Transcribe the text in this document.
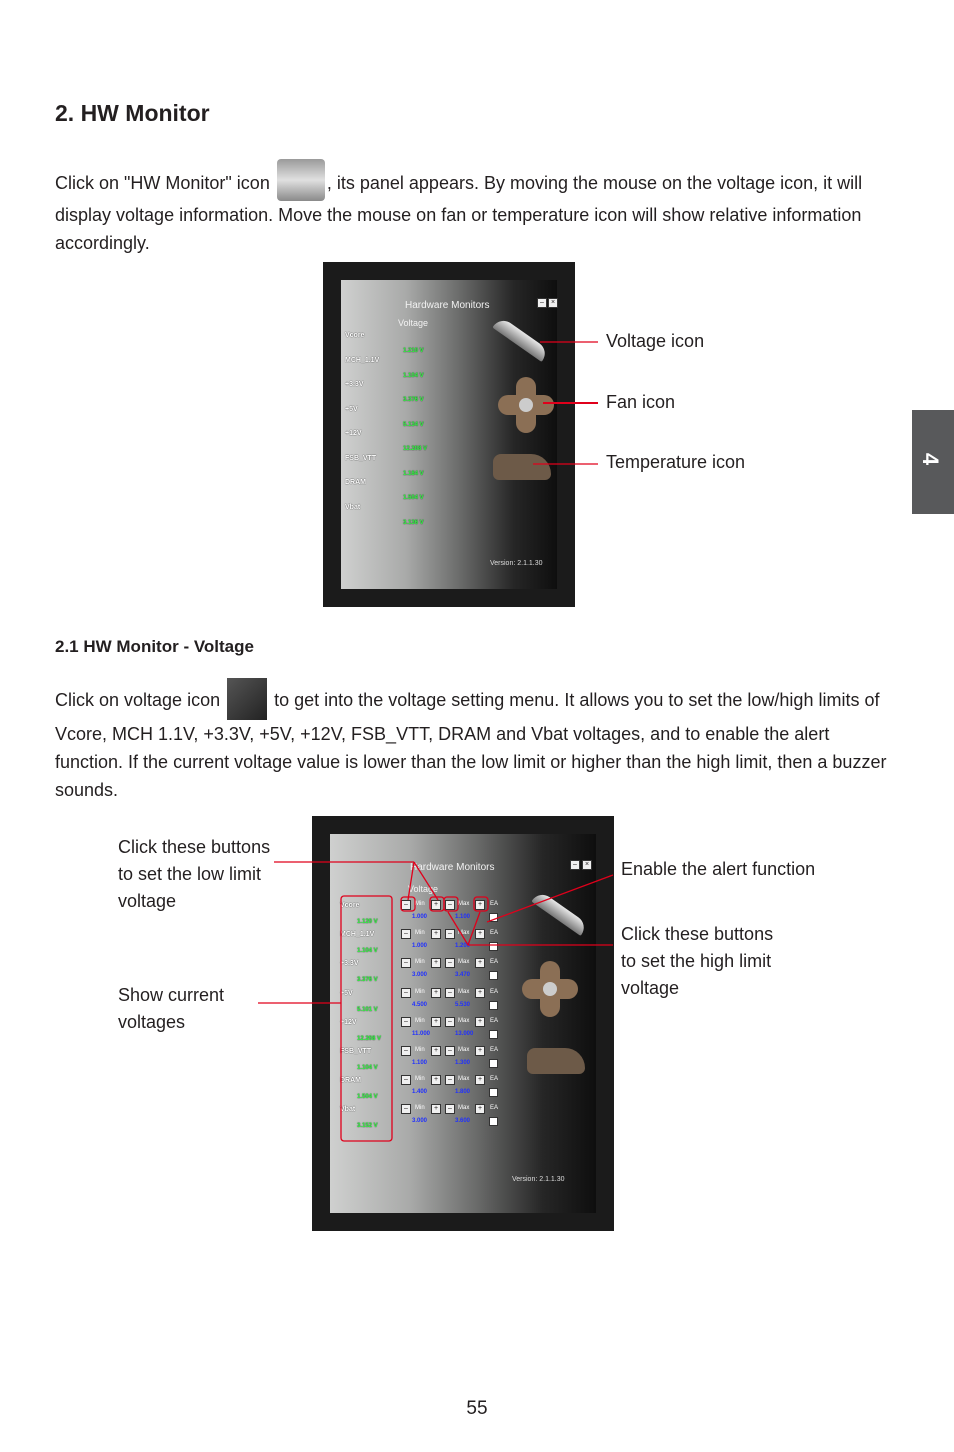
2. HW Monitor
Click on "HW Monitor" icon	, its panel appears. By moving the mouse on the voltage icon, it will display voltage information. Move the mouse on fan or temperature icon will show relative information accordingly.
4
Hardware Monitors	–	×
Voltage
Vcore
1.210 V
MCH_1.1V
1.104 V
+3.3V
3.376 V
+5V
5.134 V
+12V
12.208 V
FSB_VTT
1.184 V
DRAM
1.504 V
Vbat
3.136 V
Version: 2.1.1.30
Voltage icon
Fan icon
Temperature icon
2.1 HW Monitor - Voltage
Click on voltage icon	to get into the voltage setting menu. It allows you to set the low/high limits of Vcore, MCH 1.1V, +3.3V, +5V, +12V, FSB_VTT, DRAM and Vbat voltages, and to enable the alert function. If the current voltage value is lower than the low limit or higher than the high limit, then a buzzer sounds.
Hardware Monitors	–	×
Voltage
Vcore
1.120 V
–	Min	+	–	Max	+	EA
1.000	1.100
MCH_1.1V
1.104 V
–	Min	+	–	Max	+	EA
1.000	1.200
+3.3V
3.376 V
–	Min	+	–	Max	+	EA
3.000	3.470
+5V
5.101 V
–	Min	+	–	Max	+	EA
4.500	5.530
+12V
12.208 V
–	Min	+	–	Max	+	EA
11.000	13.000
FSB_VTT
1.104 V
–	Min	+	–	Max	+	EA
1.100	1.300
DRAM
1.504 V
–	Min	+	–	Max	+	EA
1.400	1.800
Vbat
3.152 V
–	Min	+	–	Max	+	EA
3.000	3.600
Version: 2.1.1.30
Click these buttons to set the low limit voltage
Show current voltages
Enable the alert function
Click these buttons to set the high limit voltage
55
